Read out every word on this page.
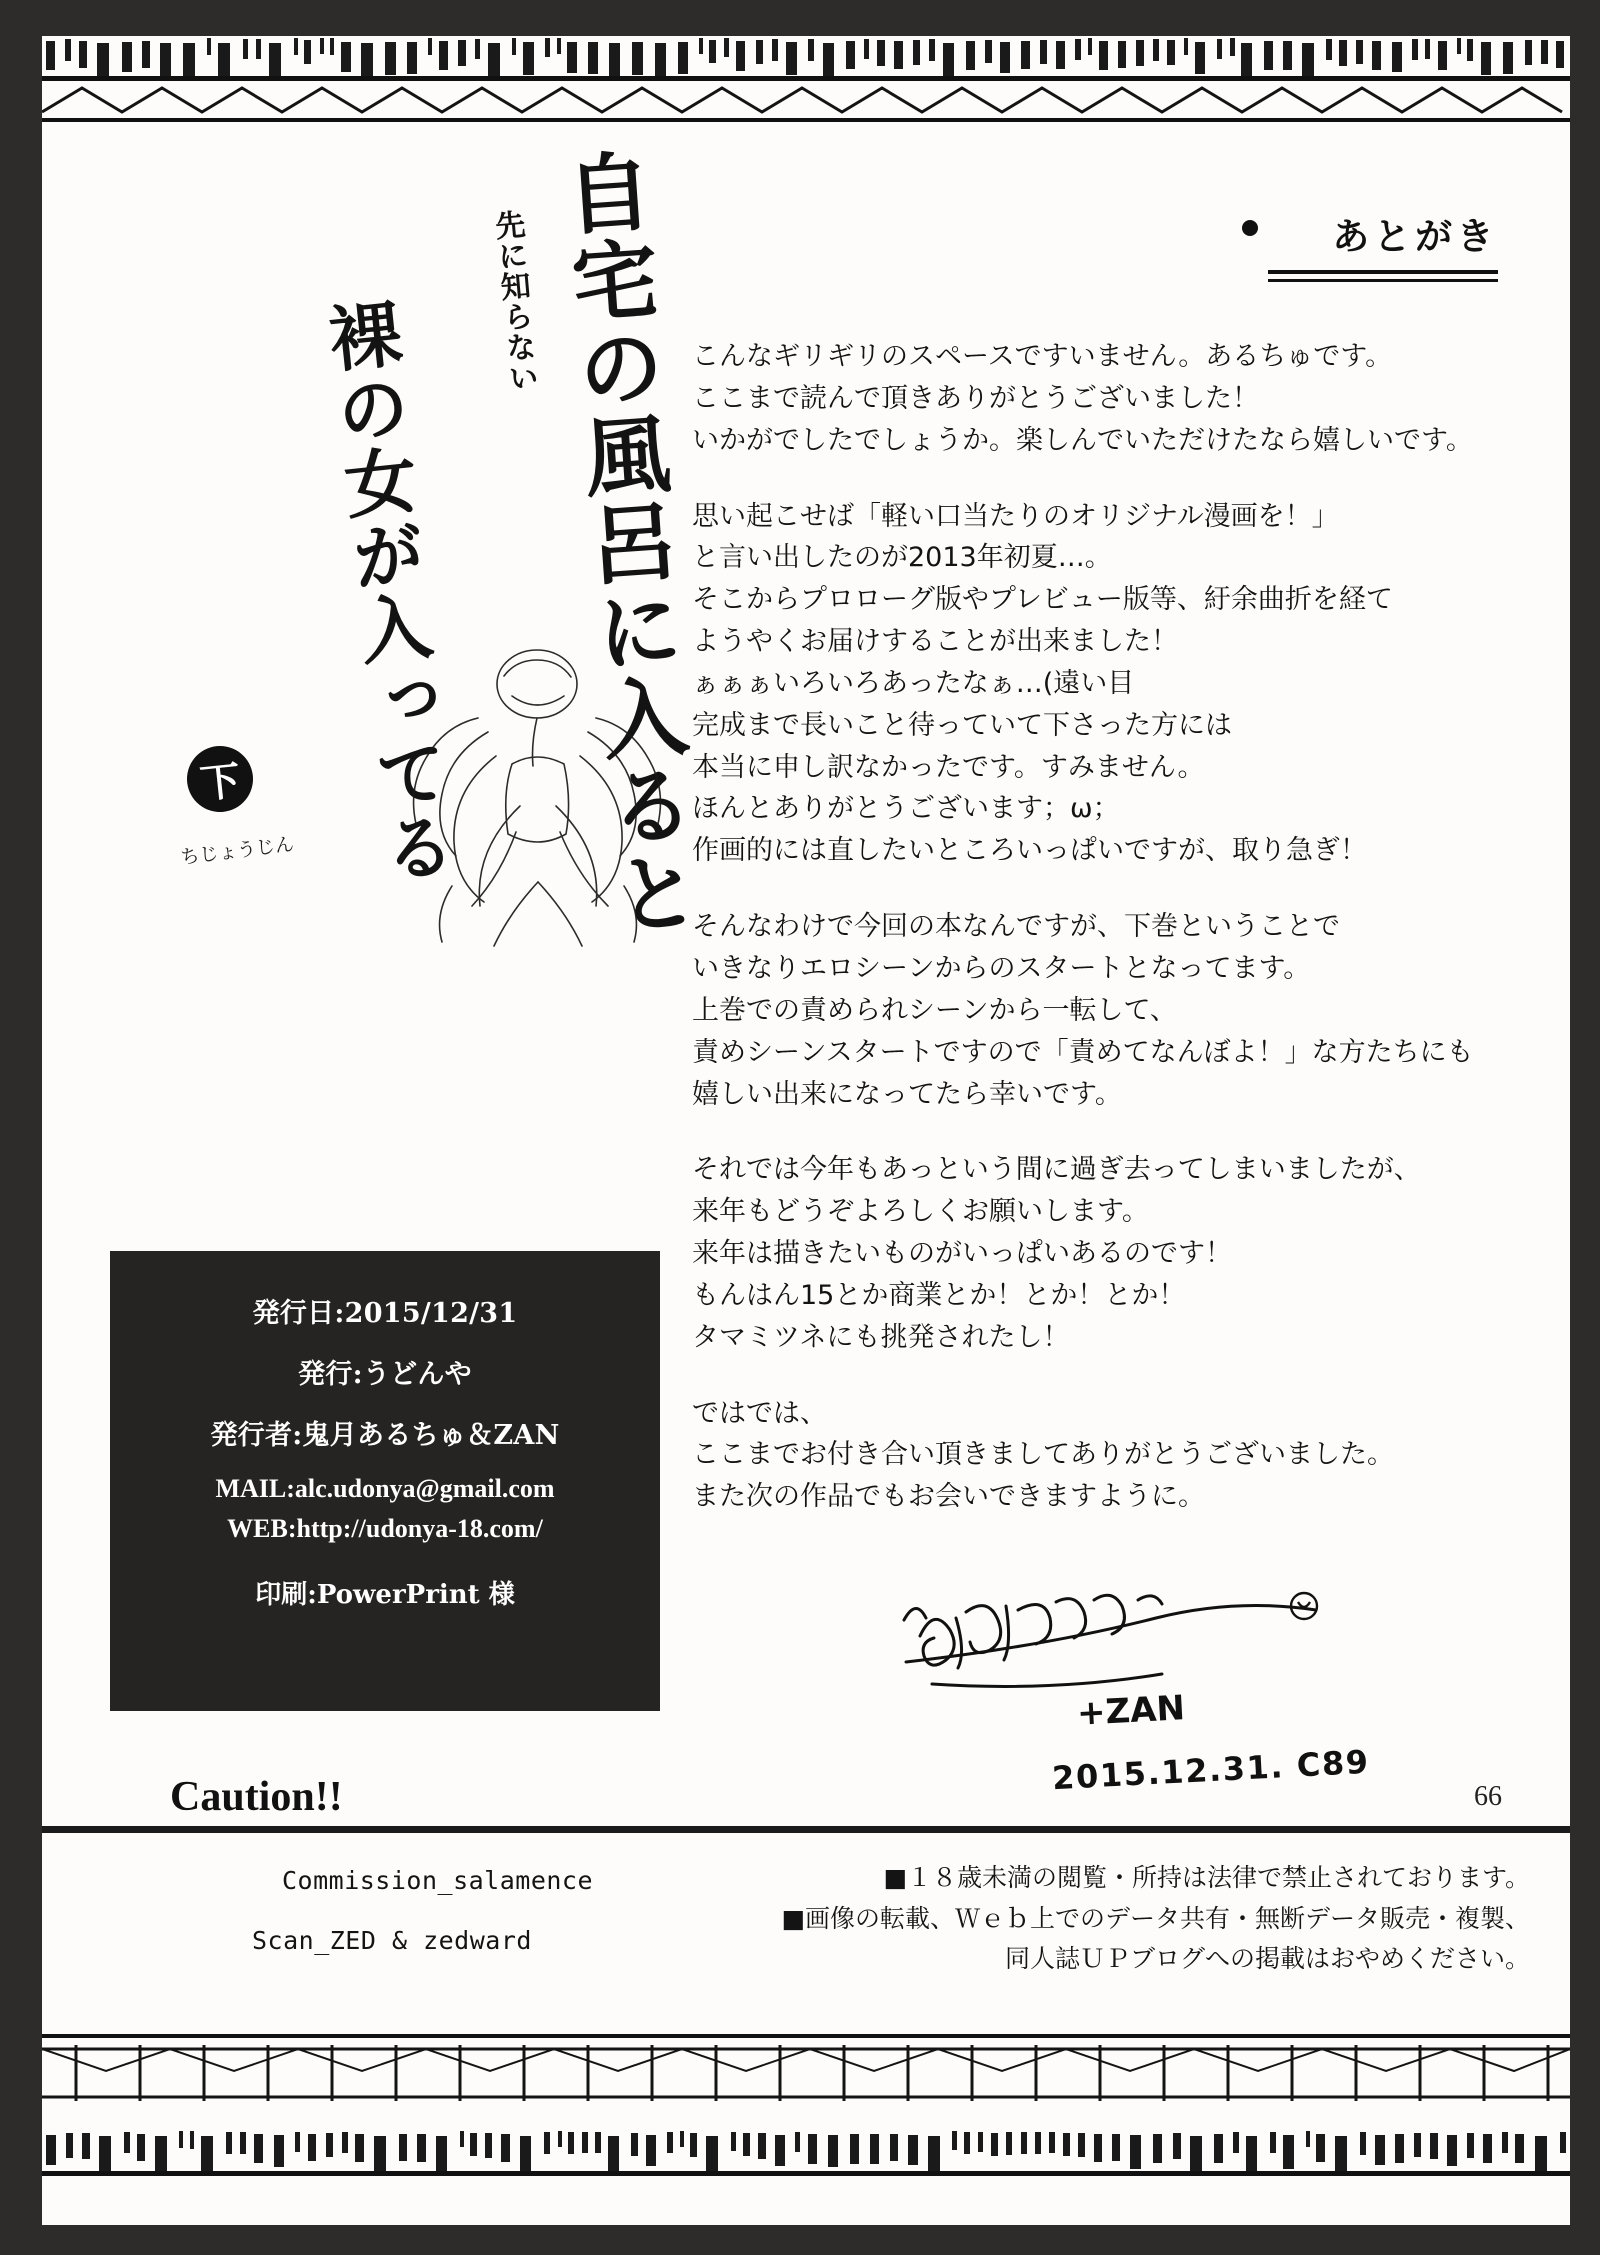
自宅の風呂に入ると
先に知らない
裸の女が入ってる
下
ちじょうじん
発行日:2015/12/31
発行:うどんや
発行者:鬼月あるちゅ＆ZAN
MAIL:alc.udonya@gmail.com
WEB:http://udonya-18.com/
印刷:PowerPrint 様
Caution!!
あとがき

こんなギリギリのスペースですいません。あるちゅです。
ここまで読んで頂きありがとうございました！
いかがでしたでしょうか。楽しんでいただけたなら嬉しいです。

思い起こせば「軽い口当たりのオリジナル漫画を！」
と言い出したのが2013年初夏…。
そこからプロローグ版やプレビュー版等、紆余曲折を経て
ようやくお届けすることが出来ました！
ぁぁぁいろいろあったなぁ…(遠い目
完成まで長いこと待っていて下さった方には
本当に申し訳なかったです。すみません。
ほんとありがとうございます；ω；
作画的には直したいところいっぱいですが、取り急ぎ！

そんなわけで今回の本なんですが、下巻ということで
いきなりエロシーンからのスタートとなってます。
上巻での責められシーンから一転して、
責めシーンスタートですので「責めてなんぼよ！」な方たちにも
嬉しい出来になってたら幸いです。

それでは今年もあっという間に過ぎ去ってしまいましたが、
来年もどうぞよろしくお願いします。
来年は描きたいものがいっぱいあるのです！
もんはん15とか商業とか！とか！とか！
タマミツネにも挑発されたし！

ではでは、
ここまでお付き合い頂きましてありがとうございました。
また次の作品でもお会いできますように。

+ZAN
2015.12.31. C89	66
Commission_salamence
Scan_ZED & zedward
■１８歳未満の閲覧・所持は法律で禁止されております。
■画像の転載、Ｗｅｂ上でのデータ共有・無断データ販売・複製、
同人誌ＵＰブログへの掲載はおやめください。
